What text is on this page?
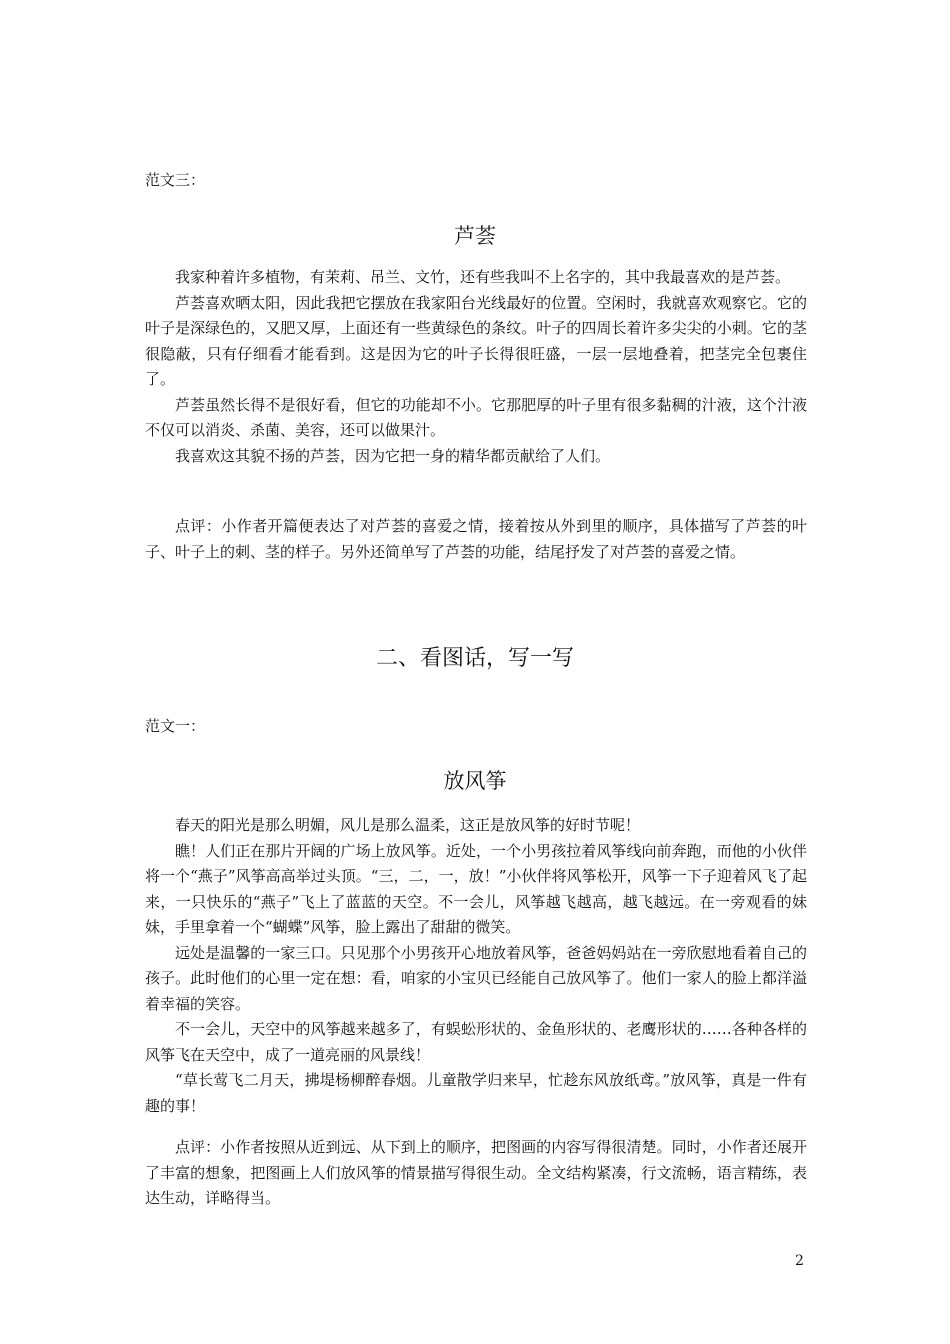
范文三：
芦荟

我家种着许多植物，有茉莉、吊兰、文竹，还有些我叫不上名字的，其中我最喜欢的是芦荟。

芦荟喜欢晒太阳，因此我把它摆放在我家阳台光线最好的位置。空闲时，我就喜欢观察它。它的叶子是深绿色的，又肥又厚，上面还有一些黄绿色的条纹。叶子的四周长着许多尖尖的小刺。它的茎很隐蔽，只有仔细看才能看到。这是因为它的叶子长得很旺盛，一层一层地叠着，把茎完全包裹住了。

芦荟虽然长得不是很好看，但它的功能却不小。它那肥厚的叶子里有很多黏稠的汁液，这个汁液不仅可以消炎、杀菌、美容，还可以做果汁。

我喜欢这其貌不扬的芦荟，因为它把一身的精华都贡献给了人们。

点评：小作者开篇便表达了对芦荟的喜爱之情，接着按从外到里的顺序，具体描写了芦荟的叶子、叶子上的刺、茎的样子。另外还简单写了芦荟的功能，结尾抒发了对芦荟的喜爱之情。

二、看图话，写一写
范文一：
放风筝

春天的阳光是那么明媚，风儿是那么温柔，这正是放风筝的好时节呢！

瞧！人们正在那片开阔的广场上放风筝。近处，一个小男孩拉着风筝线向前奔跑，而他的小伙伴将一个“燕子”风筝高高举过头顶。“三，二，一，放！”小伙伴将风筝松开，风筝一下子迎着风飞了起来，一只快乐的“燕子”飞上了蓝蓝的天空。不一会儿，风筝越飞越高，越飞越远。在一旁观看的妹妹，手里拿着一个“蝴蝶”风筝，脸上露出了甜甜的微笑。

远处是温馨的一家三口。只见那个小男孩开心地放着风筝，爸爸妈妈站在一旁欣慰地看着自己的孩子。此时他们的心里一定在想：看，咱家的小宝贝已经能自己放风筝了。他们一家人的脸上都洋溢着幸福的笑容。

不一会儿，天空中的风筝越来越多了，有蜈蚣形状的、金鱼形状的、老鹰形状的……各种各样的风筝飞在天空中，成了一道亮丽的风景线！

“草长莺飞二月天，拂堤杨柳醉春烟。儿童散学归来早，忙趁东风放纸鸢。”放风筝，真是一件有趣的事！

点评：小作者按照从近到远、从下到上的顺序，把图画的内容写得很清楚。同时，小作者还展开了丰富的想象，把图画上人们放风筝的情景描写得很生动。全文结构紧凑，行文流畅，语言精练，表达生动，详略得当。

2
